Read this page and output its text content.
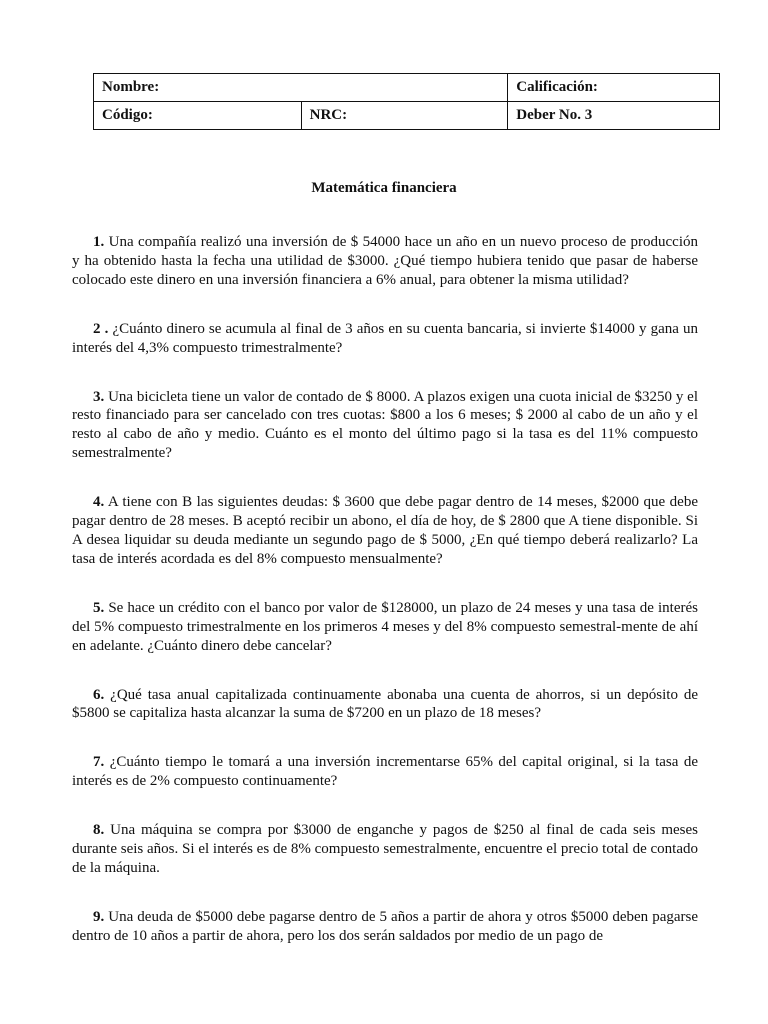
Nombre:		Calificación:
Código:	NRC:	Deber No. 3
Matemática financiera

1. Una compañía realizó una inversión de $ 54000 hace un año en un nuevo proceso de producción y ha obtenido hasta la fecha una utilidad de $3000. ¿Qué tiempo hubiera tenido que pasar de haberse colocado este dinero en una inversión financiera a 6% anual, para obtener la misma utilidad?

2 . ¿Cuánto dinero se acumula al final de 3 años en su cuenta bancaria, si invierte $14000 y gana un interés del 4,3% compuesto trimestralmente?

3. Una bicicleta tiene un valor de contado de $ 8000. A plazos exigen una cuota inicial de $3250 y el resto financiado para ser cancelado con tres cuotas: $800 a los 6 meses; $ 2000 al cabo de un año y el resto al cabo de año y medio. Cuánto es el monto del último pago si la tasa es del 11% compuesto semestralmente?

4. A tiene con B las siguientes deudas: $ 3600 que debe pagar dentro de 14 meses, $2000 que debe pagar dentro de 28 meses. B aceptó recibir un abono, el día de hoy, de $ 2800 que A tiene disponible. Si A desea liquidar su deuda mediante un segundo pago de $ 5000, ¿En qué tiempo deberá realizarlo? La tasa de interés acordada es del 8% compuesto mensualmente?

5. Se hace un crédito con el banco por valor de $128000, un plazo de 24 meses y una tasa de interés del 5% compuesto trimestralmente en los primeros 4 meses y del 8% compuesto semestral-mente de ahí en adelante. ¿Cuánto dinero debe cancelar?

6. ¿Qué tasa anual capitalizada continuamente abonaba una cuenta de ahorros, si un depósito de $5800 se capitaliza hasta alcanzar la suma de $7200 en un plazo de 18 meses?

7. ¿Cuánto tiempo le tomará a una inversión incrementarse 65% del capital original, si la tasa de interés es de 2% compuesto continuamente?

8. Una máquina se compra por $3000 de enganche y pagos de $250 al final de cada seis meses durante seis años. Si el interés es de 8% compuesto semestralmente, encuentre el precio total de contado de la máquina.

9. Una deuda de $5000 debe pagarse dentro de 5 años a partir de ahora y otros $5000 deben pagarse dentro de 10 años a partir de ahora, pero los dos serán saldados por medio de un pago de
